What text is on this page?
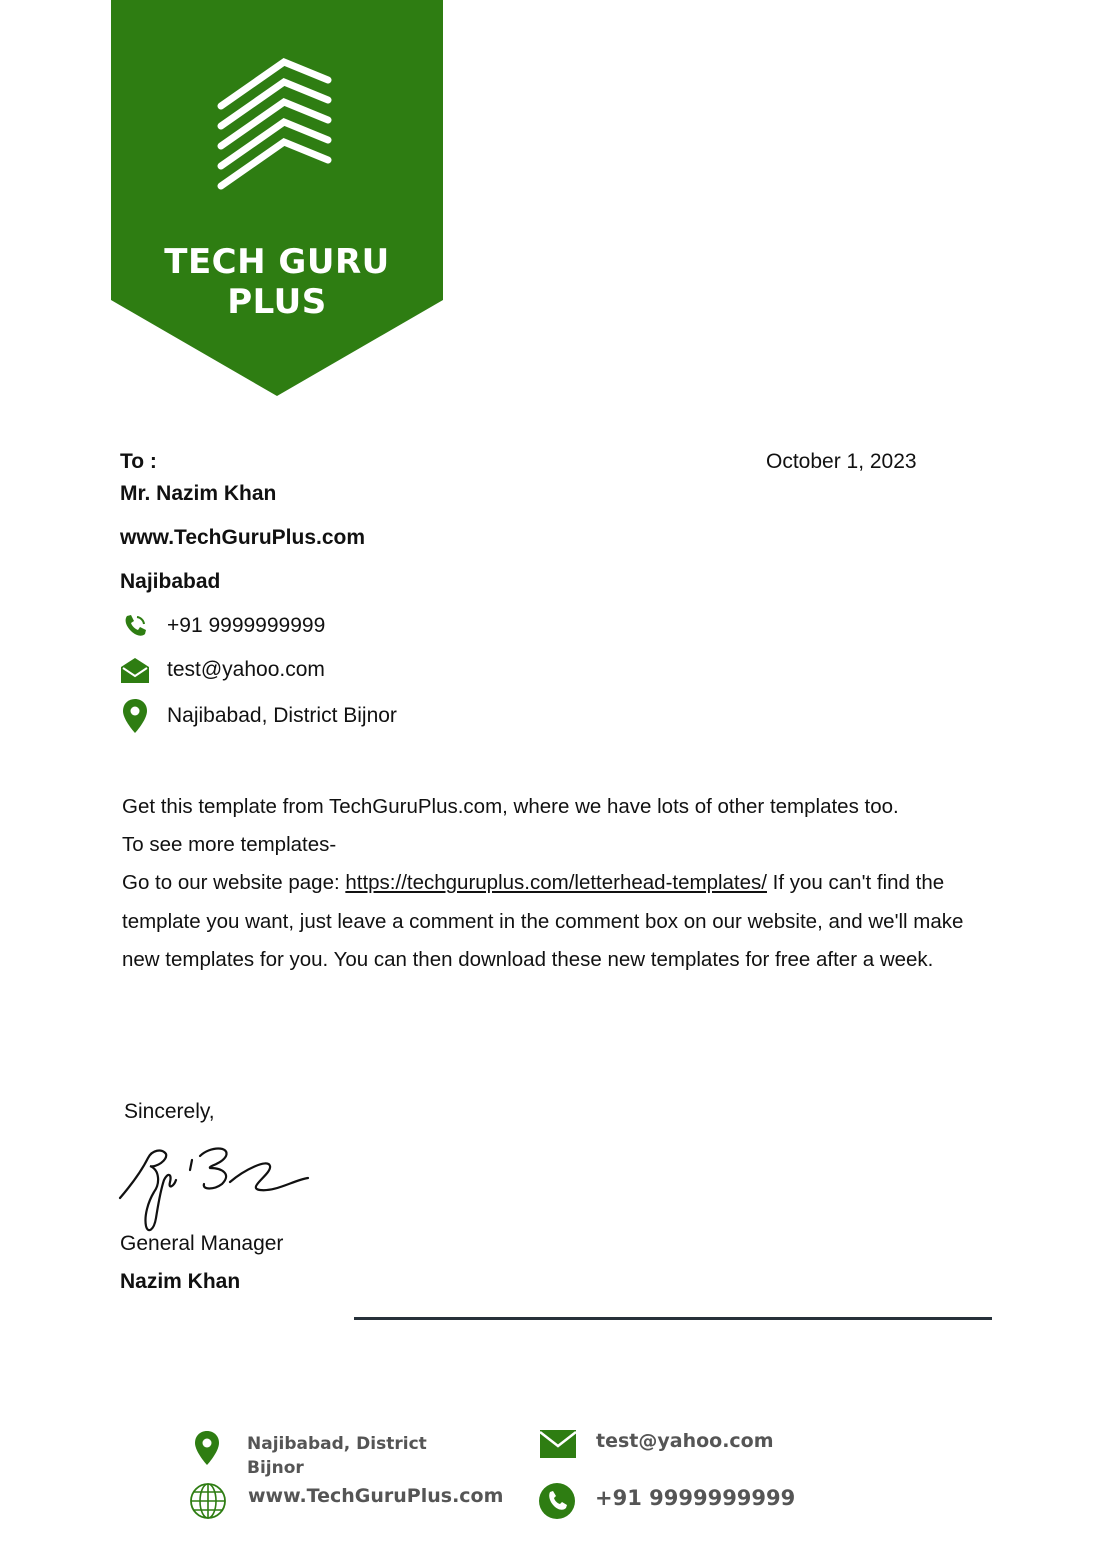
TECH GURU PLUS
To :	October 1, 2023
Mr. Nazim Khan
www.TechGuruPlus.com
Najibabad
+91 9999999999
test@yahoo.com
Najibabad, District Bijnor

Get this template from TechGuruPlus.com, where we have lots of other templates too.

To see more templates-

Go to our website page: https://techguruplus.com/letterhead-templates/ If you can't find the template you want, just leave a comment in the comment box on our website, and we'll make new templates for you. You can then download these new templates for free after a week.

Sincerely,
General Manager
Nazim Khan
Najibabad, District
Bijnor
www.TechGuruPlus.com
test@yahoo.com
+91 9999999999
